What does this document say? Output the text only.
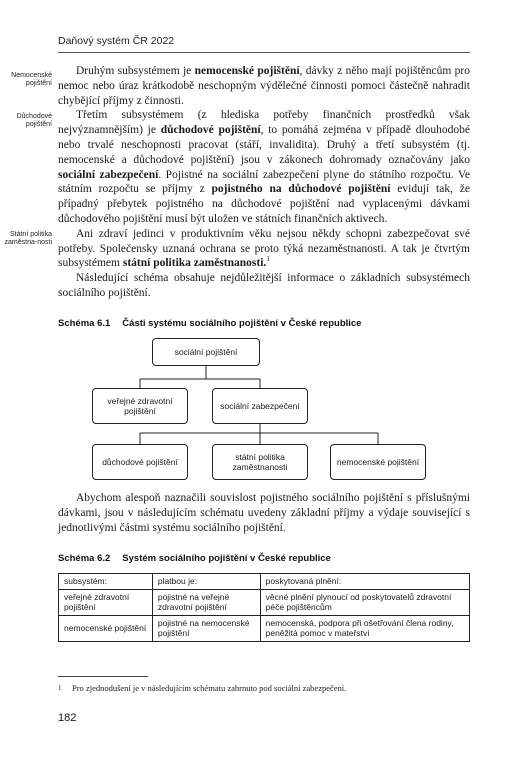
Daňový systém ČR 2022
Nemocenské pojištění
Důchodové pojištění
Státní politika zaměstna-nosti

Druhým subsystémem je nemocenské pojištění, dávky z něho mají pojištěncům pro nemoc nebo úraz krátkodobě neschopným výdělečné činnosti pomoci částečně nahradit chybějící příjmy z činnosti.

Třetím subsystémem (z hlediska potřeby finančních prostředků však nejvýznamnějším) je důchodové pojištění, to pomáhá zejména v případě dlouhodobé nebo trvalé neschopnosti pracovat (stáří, invalidita). Druhý a třetí subsystém (tj. nemocenské a důchodové pojištění) jsou v zákonech dohromady označovány jako sociální zabezpečení. Pojistné na sociální zabezpečení plyne do státního rozpočtu. Ve státním rozpočtu se příjmy z pojistného na důchodové pojištění evidují tak, že případný přebytek pojistného na důchodové pojištění nad vyplacenými dávkami důchodového pojištění musí být uložen ve státních finančních aktivech.

Ani zdraví jedinci v produktivním věku nejsou někdy schopni zabezpečovat své potřeby. Společensky uznaná ochrana se proto týká nezaměstnanosti. A tak je čtvrtým subsystémem státní politika zaměstnanosti.$^1$

Následující schéma obsahuje nejdůležitější informace o základních subsystémech sociálního pojištění.

Schéma 6.1 Části systému sociálního pojištění v České republice
sociální pojištění
veřejné zdravotní pojištění	sociální zabezpečení
důchodové pojištění	státní politika zaměstnanosti	nemocenské pojištění

Abychom alespoň naznačili souvislost pojistného sociálního pojištění s příslušnými dávkami, jsou v následujícím schématu uvedeny základní příjmy a výdaje související s jednotlivými částmi systému sociálního pojištění.

Schéma 6.2 Systém sociálního pojištění v České republice
subsystém:	platbou je:	poskytovaná plnění:
veřejné zdravotní pojištění	pojistné na veřejné zdravotní pojištění	věcné plnění plynoucí od poskytovatelů zdravotní péče pojištěncům
nemocenské pojištění	pojistné na nemocenské pojištění	nemocenská, podpora při ošetřování člena rodiny, peněžitá pomoc v mateřství
1 Pro zjednodušení je v následujícím schématu zahrnuto pod sociální zabezpečení.
182
